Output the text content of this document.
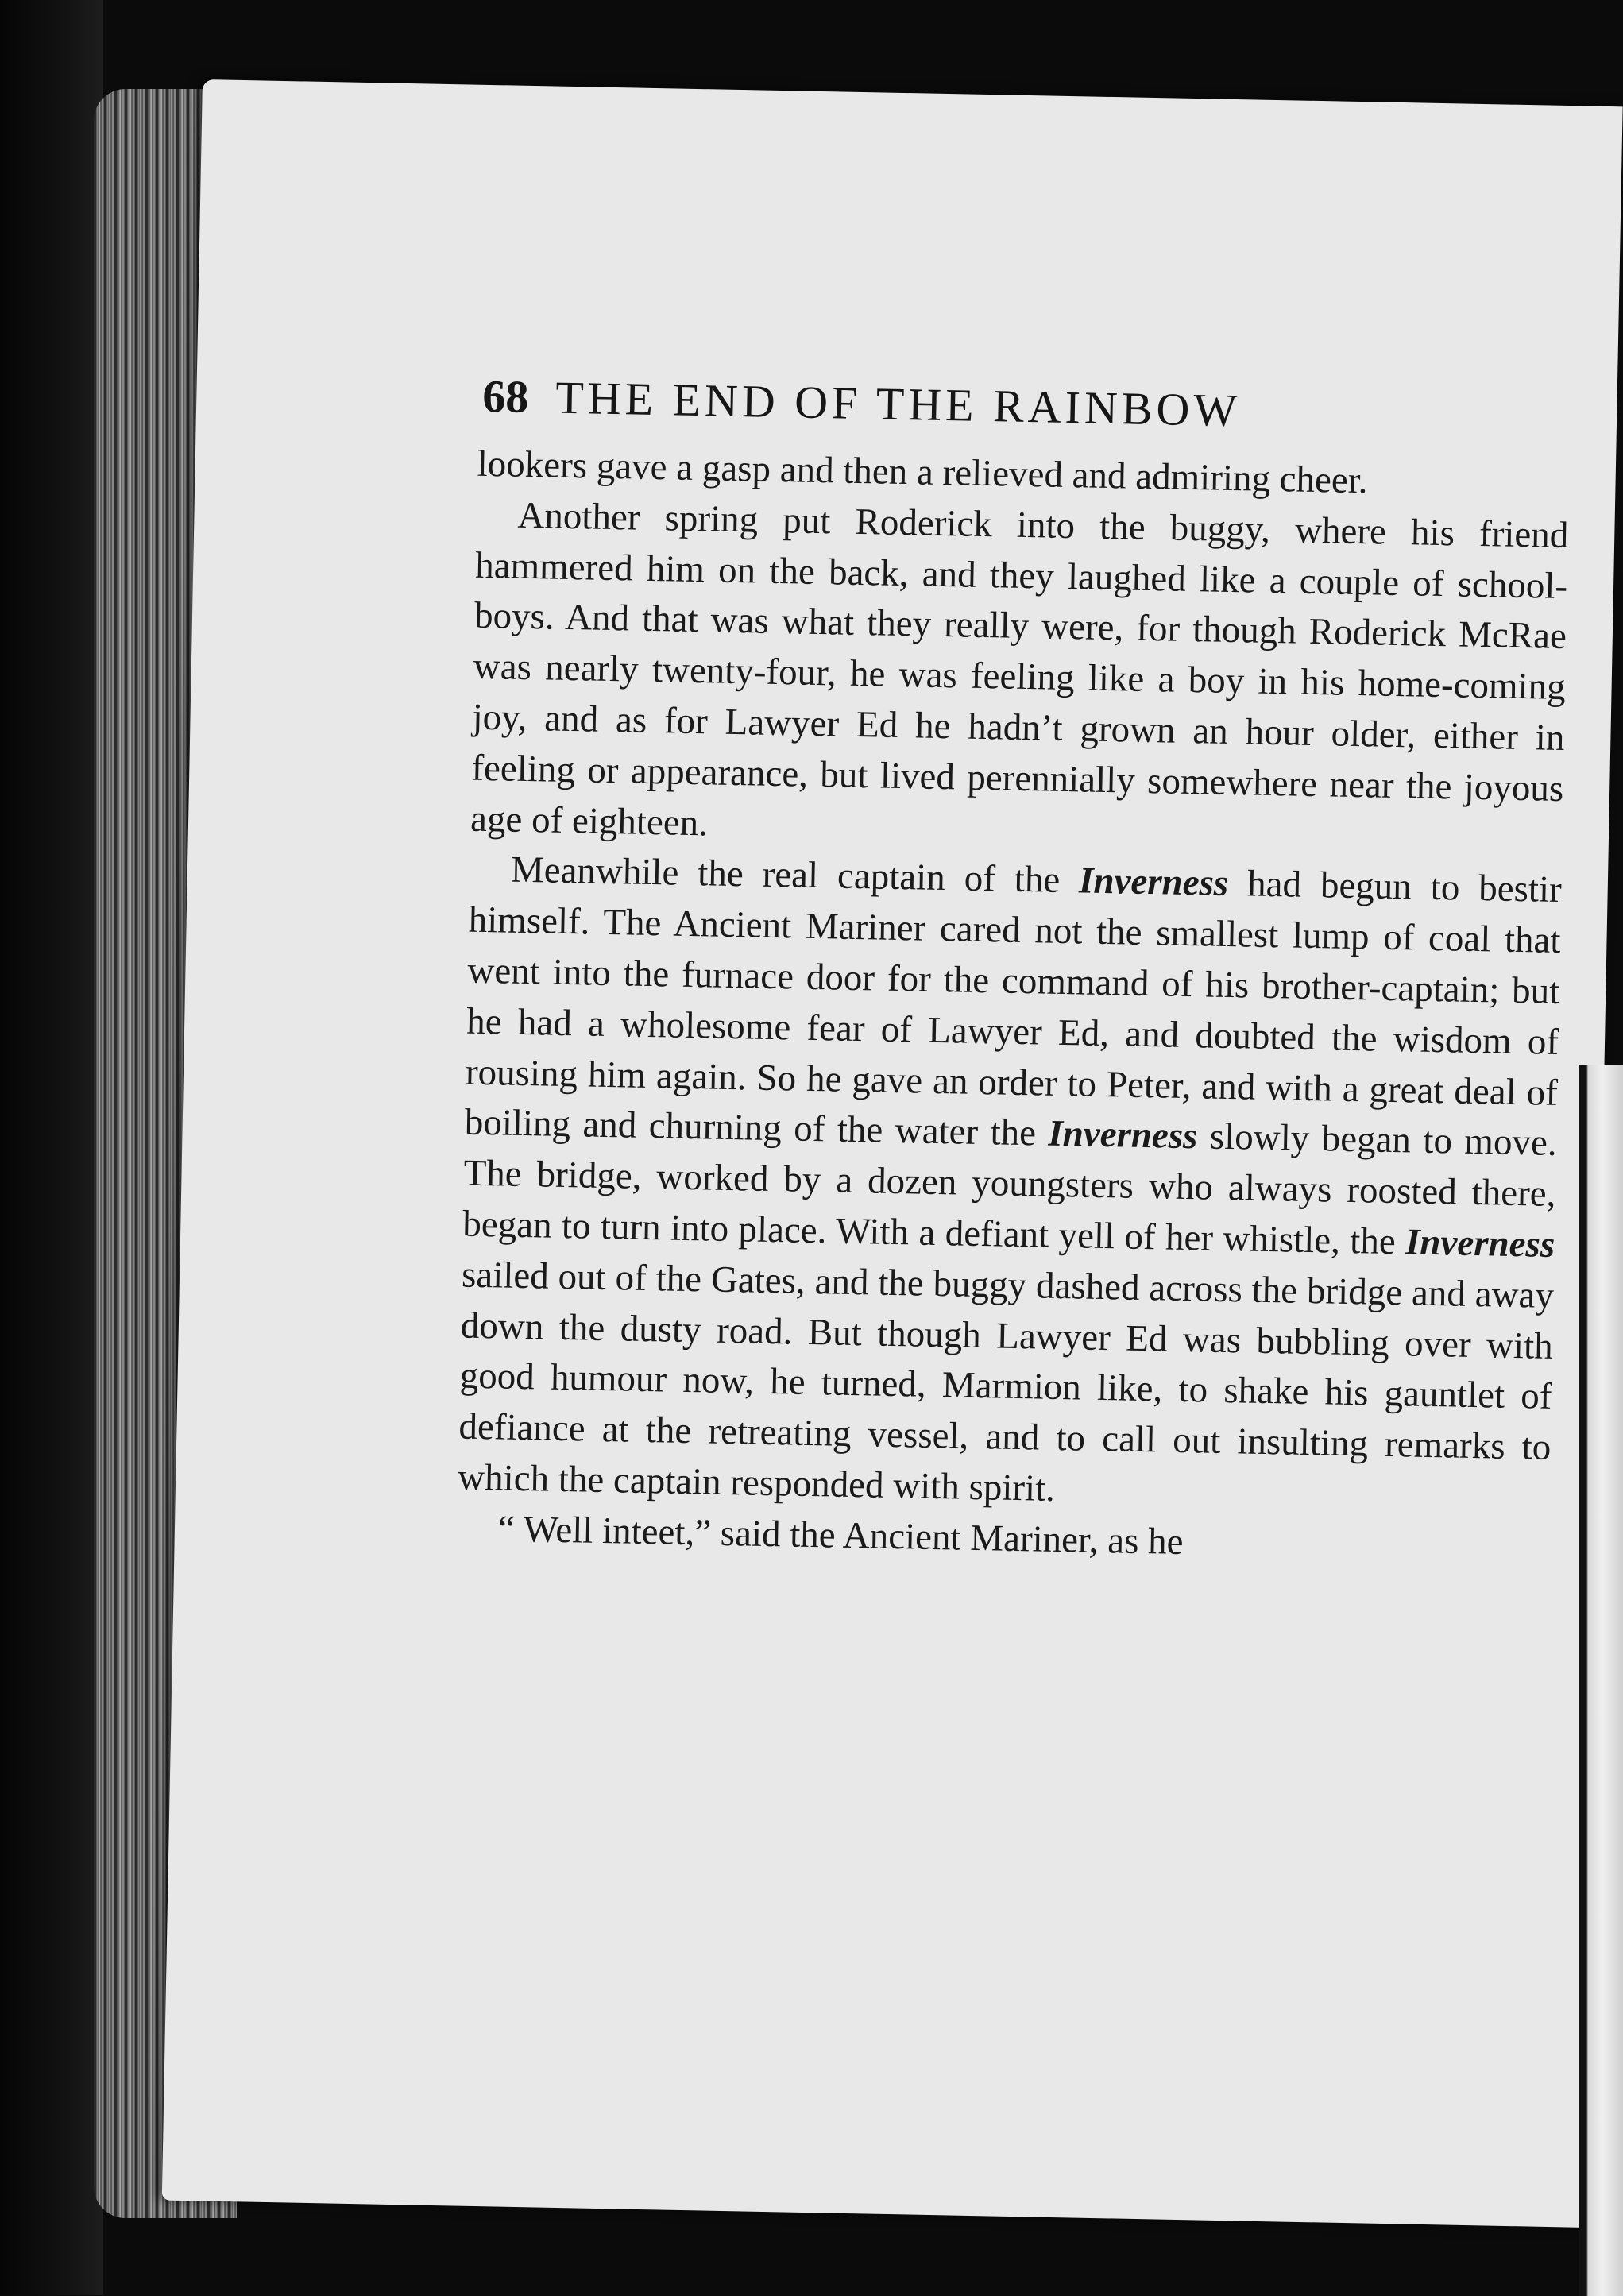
68 THE END OF THE RAINBOW

lookers gave a gasp and then a relieved and admiring cheer.

Another spring put Roderick into the buggy, where his friend hammered him on the back, and they laughed like a couple of school-boys. And that was what they really were, for though Roderick McRae was nearly twenty-four, he was feeling like a boy in his home-coming joy, and as for Lawyer Ed he hadn’t grown an hour older, either in feeling or appearance, but lived perennially somewhere near the joyous age of eighteen.

Meanwhile the real captain of the Inverness had begun to bestir himself. The Ancient Mariner cared not the smallest lump of coal that went into the furnace door for the command of his brother-captain; but he had a wholesome fear of Lawyer Ed, and doubted the wisdom of rousing him again. So he gave an order to Peter, and with a great deal of boiling and churning of the water the Inverness slowly began to move. The bridge, worked by a dozen youngsters who always roosted there, began to turn into place. With a defiant yell of her whistle, the Inverness sailed out of the Gates, and the buggy dashed across the bridge and away down the dusty road. But though Lawyer Ed was bubbling over with good humour now, he turned, Marmion like, to shake his gauntlet of defiance at the retreating vessel, and to call out insulting remarks to which the captain responded with spirit.

“ Well inteet,” said the Ancient Mariner, as he
